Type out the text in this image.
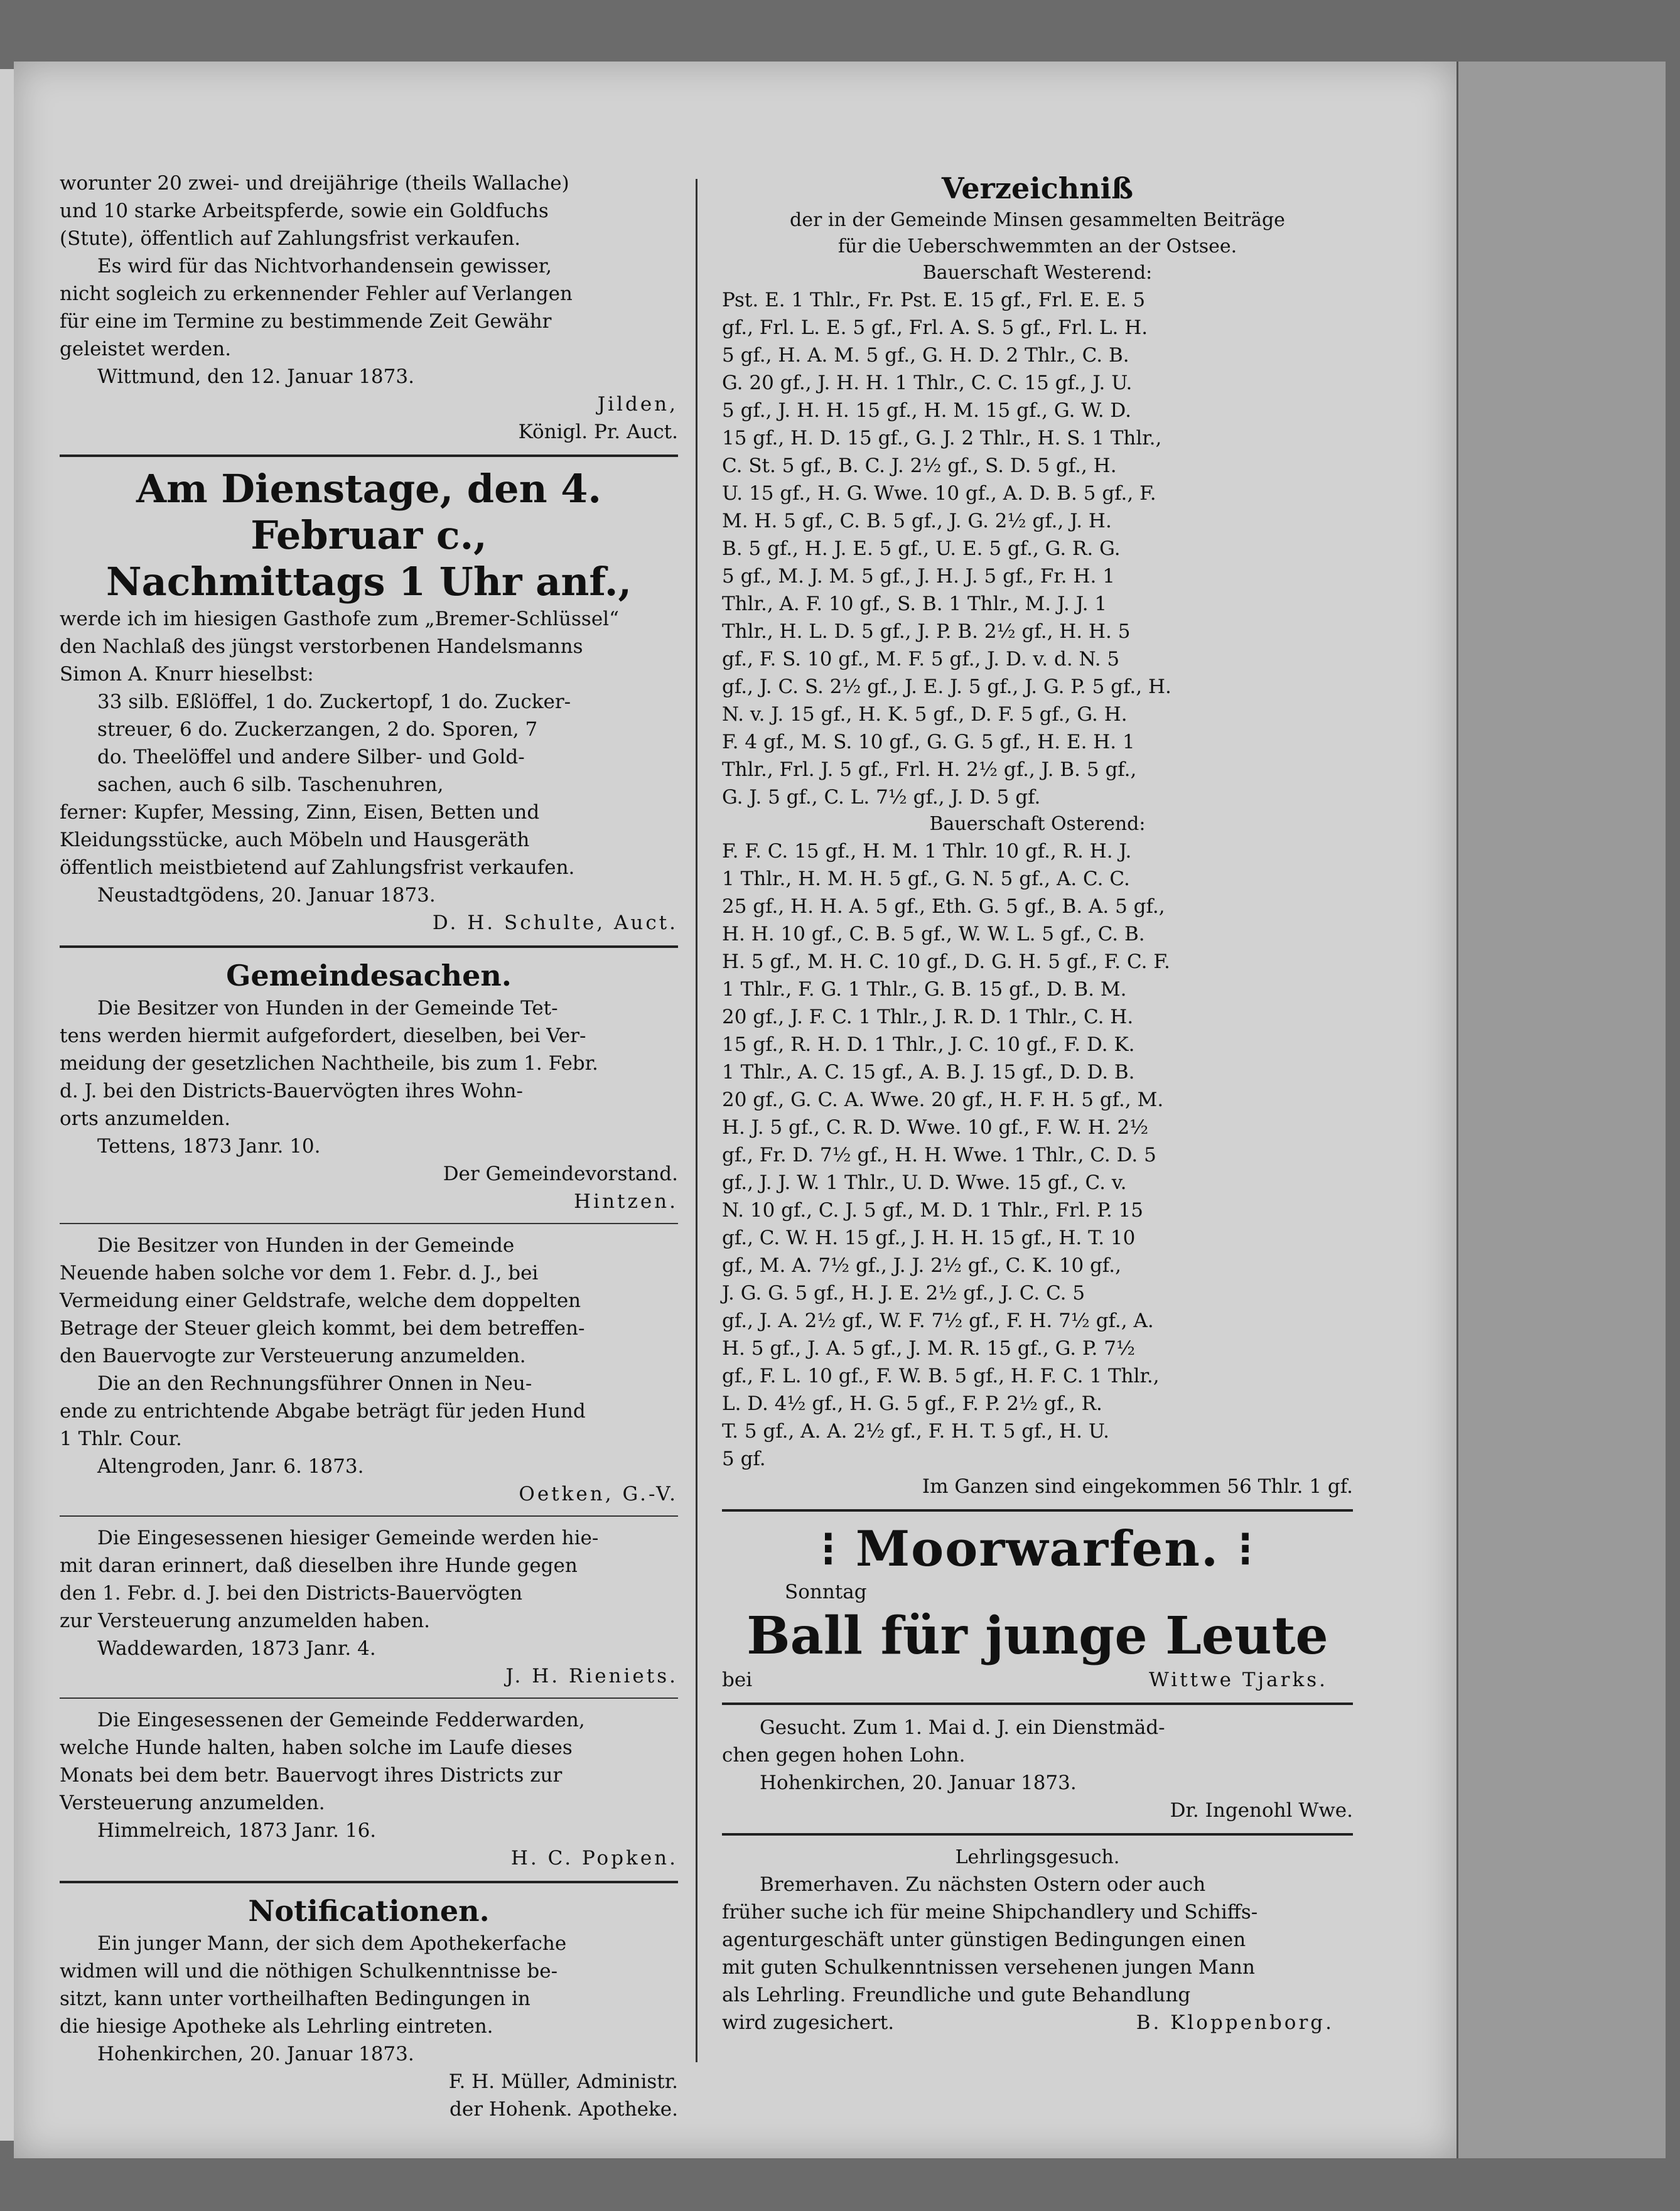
worunter 20 zwei- und dreijährige (theils Wallache)

und 10 starke Arbeitspferde, sowie ein Goldfuchs

(Stute), öffentlich auf Zahlungsfrist verkaufen.

Es wird für das Nichtvorhandensein gewisser,

nicht sogleich zu erkennender Fehler auf Verlangen

für eine im Termine zu bestimmende Zeit Gewähr

geleistet werden.

Wittmund, den 12. Januar 1873.

Jilden,

Königl. Pr. Auct.

Am Dienstage, den 4. Februar c.,

Nachmittags 1 Uhr anf.,

werde ich im hiesigen Gasthofe zum „Bremer-Schlüssel“

den Nachlaß des jüngst verstorbenen Handelsmanns

Simon A. Knurr hieselbst:

33 silb. Eßlöffel, 1 do. Zuckertopf, 1 do. Zucker-

streuer, 6 do. Zuckerzangen, 2 do. Sporen, 7

do. Theelöffel und andere Silber- und Gold-

sachen, auch 6 silb. Taschenuhren,

ferner: Kupfer, Messing, Zinn, Eisen, Betten und

Kleidungsstücke, auch Möbeln und Hausgeräth

öffentlich meistbietend auf Zahlungsfrist verkaufen.

Neustadtgödens, 20. Januar 1873.

D. H. Schulte, Auct.

Gemeindesachen.

Die Besitzer von Hunden in der Gemeinde Tet-

tens werden hiermit aufgefordert, dieselben, bei Ver-

meidung der gesetzlichen Nachtheile, bis zum 1. Febr.

d. J. bei den Districts-Bauervögten ihres Wohn-

orts anzumelden.

Tettens, 1873 Janr. 10.

Der Gemeindevorstand.

Hintzen.

Die Besitzer von Hunden in der Gemeinde

Neuende haben solche vor dem 1. Febr. d. J., bei

Vermeidung einer Geldstrafe, welche dem doppelten

Betrage der Steuer gleich kommt, bei dem betreffen-

den Bauervogte zur Versteuerung anzumelden.

Die an den Rechnungsführer Onnen in Neu-

ende zu entrichtende Abgabe beträgt für jeden Hund

1 Thlr. Cour.

Altengroden, Janr. 6. 1873.

Oetken, G.-V.

Die Eingesessenen hiesiger Gemeinde werden hie-

mit daran erinnert, daß dieselben ihre Hunde gegen

den 1. Febr. d. J. bei den Districts-Bauervögten

zur Versteuerung anzumelden haben.

Waddewarden, 1873 Janr. 4.

J. H. Rieniets.

Die Eingesessenen der Gemeinde Fedderwarden,

welche Hunde halten, haben solche im Laufe dieses

Monats bei dem betr. Bauervogt ihres Districts zur

Versteuerung anzumelden.

Himmelreich, 1873 Janr. 16.

H. C. Popken.

Notificationen.

Ein junger Mann, der sich dem Apothekerfache

widmen will und die nöthigen Schulkenntnisse be-

sitzt, kann unter vortheilhaften Bedingungen in

die hiesige Apotheke als Lehrling eintreten.

Hohenkirchen, 20. Januar 1873.

F. H. Müller, Administr.

der Hohenk. Apotheke.

Verzeichniß

der in der Gemeinde Minsen gesammelten Beiträge

für die Ueberschwemmten an der Ostsee.

Bauerschaft Westerend:

Pst. E. 1 Thlr., Fr. Pst. E. 15 gf., Frl. E. E. 5

gf., Frl. L. E. 5 gf., Frl. A. S. 5 gf., Frl. L. H.

5 gf., H. A. M. 5 gf., G. H. D. 2 Thlr., C. B.

G. 20 gf., J. H. H. 1 Thlr., C. C. 15 gf., J. U.

5 gf., J. H. H. 15 gf., H. M. 15 gf., G. W. D.

15 gf., H. D. 15 gf., G. J. 2 Thlr., H. S. 1 Thlr.,

C. St. 5 gf., B. C. J. 2½ gf., S. D. 5 gf., H.

U. 15 gf., H. G. Wwe. 10 gf., A. D. B. 5 gf., F.

M. H. 5 gf., C. B. 5 gf., J. G. 2½ gf., J. H.

B. 5 gf., H. J. E. 5 gf., U. E. 5 gf., G. R. G.

5 gf., M. J. M. 5 gf., J. H. J. 5 gf., Fr. H. 1

Thlr., A. F. 10 gf., S. B. 1 Thlr., M. J. J. 1

Thlr., H. L. D. 5 gf., J. P. B. 2½ gf., H. H. 5

gf., F. S. 10 gf., M. F. 5 gf., J. D. v. d. N. 5

gf., J. C. S. 2½ gf., J. E. J. 5 gf., J. G. P. 5 gf., H.

N. v. J. 15 gf., H. K. 5 gf., D. F. 5 gf., G. H.

F. 4 gf., M. S. 10 gf., G. G. 5 gf., H. E. H. 1

Thlr., Frl. J. 5 gf., Frl. H. 2½ gf., J. B. 5 gf.,

G. J. 5 gf., C. L. 7½ gf., J. D. 5 gf.

Bauerschaft Osterend:

F. F. C. 15 gf., H. M. 1 Thlr. 10 gf., R. H. J.

1 Thlr., H. M. H. 5 gf., G. N. 5 gf., A. C. C.

25 gf., H. H. A. 5 gf., Eth. G. 5 gf., B. A. 5 gf.,

H. H. 10 gf., C. B. 5 gf., W. W. L. 5 gf., C. B.

H. 5 gf., M. H. C. 10 gf., D. G. H. 5 gf., F. C. F.

1 Thlr., F. G. 1 Thlr., G. B. 15 gf., D. B. M.

20 gf., J. F. C. 1 Thlr., J. R. D. 1 Thlr., C. H.

15 gf., R. H. D. 1 Thlr., J. C. 10 gf., F. D. K.

1 Thlr., A. C. 15 gf., A. B. J. 15 gf., D. D. B.

20 gf., G. C. A. Wwe. 20 gf., H. F. H. 5 gf., M.

H. J. 5 gf., C. R. D. Wwe. 10 gf., F. W. H. 2½

gf., Fr. D. 7½ gf., H. H. Wwe. 1 Thlr., C. D. 5

gf., J. J. W. 1 Thlr., U. D. Wwe. 15 gf., C. v.

N. 10 gf., C. J. 5 gf., M. D. 1 Thlr., Frl. P. 15

gf., C. W. H. 15 gf., J. H. H. 15 gf., H. T. 10

gf., M. A. 7½ gf., J. J. 2½ gf., C. K. 10 gf.,

J. G. G. 5 gf., H. J. E. 2½ gf., J. C. C. 5

gf., J. A. 2½ gf., W. F. 7½ gf., F. H. 7½ gf., A.

H. 5 gf., J. A. 5 gf., J. M. R. 15 gf., G. P. 7½

gf., F. L. 10 gf., F. W. B. 5 gf., H. F. C. 1 Thlr.,

L. D. 4½ gf., H. G. 5 gf., F. P. 2½ gf., R.

T. 5 gf., A. A. 2½ gf., F. H. T. 5 gf., H. U.

5 gf.

Im Ganzen sind eingekommen 56 Thlr. 1 gf.

⁝ Moorwarfen. ⁝

Sonntag

Ball für junge Leute

bei	Wittwe Tjarks.

Gesucht. Zum 1. Mai d. J. ein Dienstmäd-

chen gegen hohen Lohn.

Hohenkirchen, 20. Januar 1873.

Dr. Ingenohl Wwe.

Lehrlingsgesuch.

Bremerhaven. Zu nächsten Ostern oder auch

früher suche ich für meine Shipchandlery und Schiffs-

agenturgeschäft unter günstigen Bedingungen einen

mit guten Schulkenntnissen versehenen jungen Mann

als Lehrling. Freundliche und gute Behandlung

wird zugesichert.	B. Kloppenborg.
